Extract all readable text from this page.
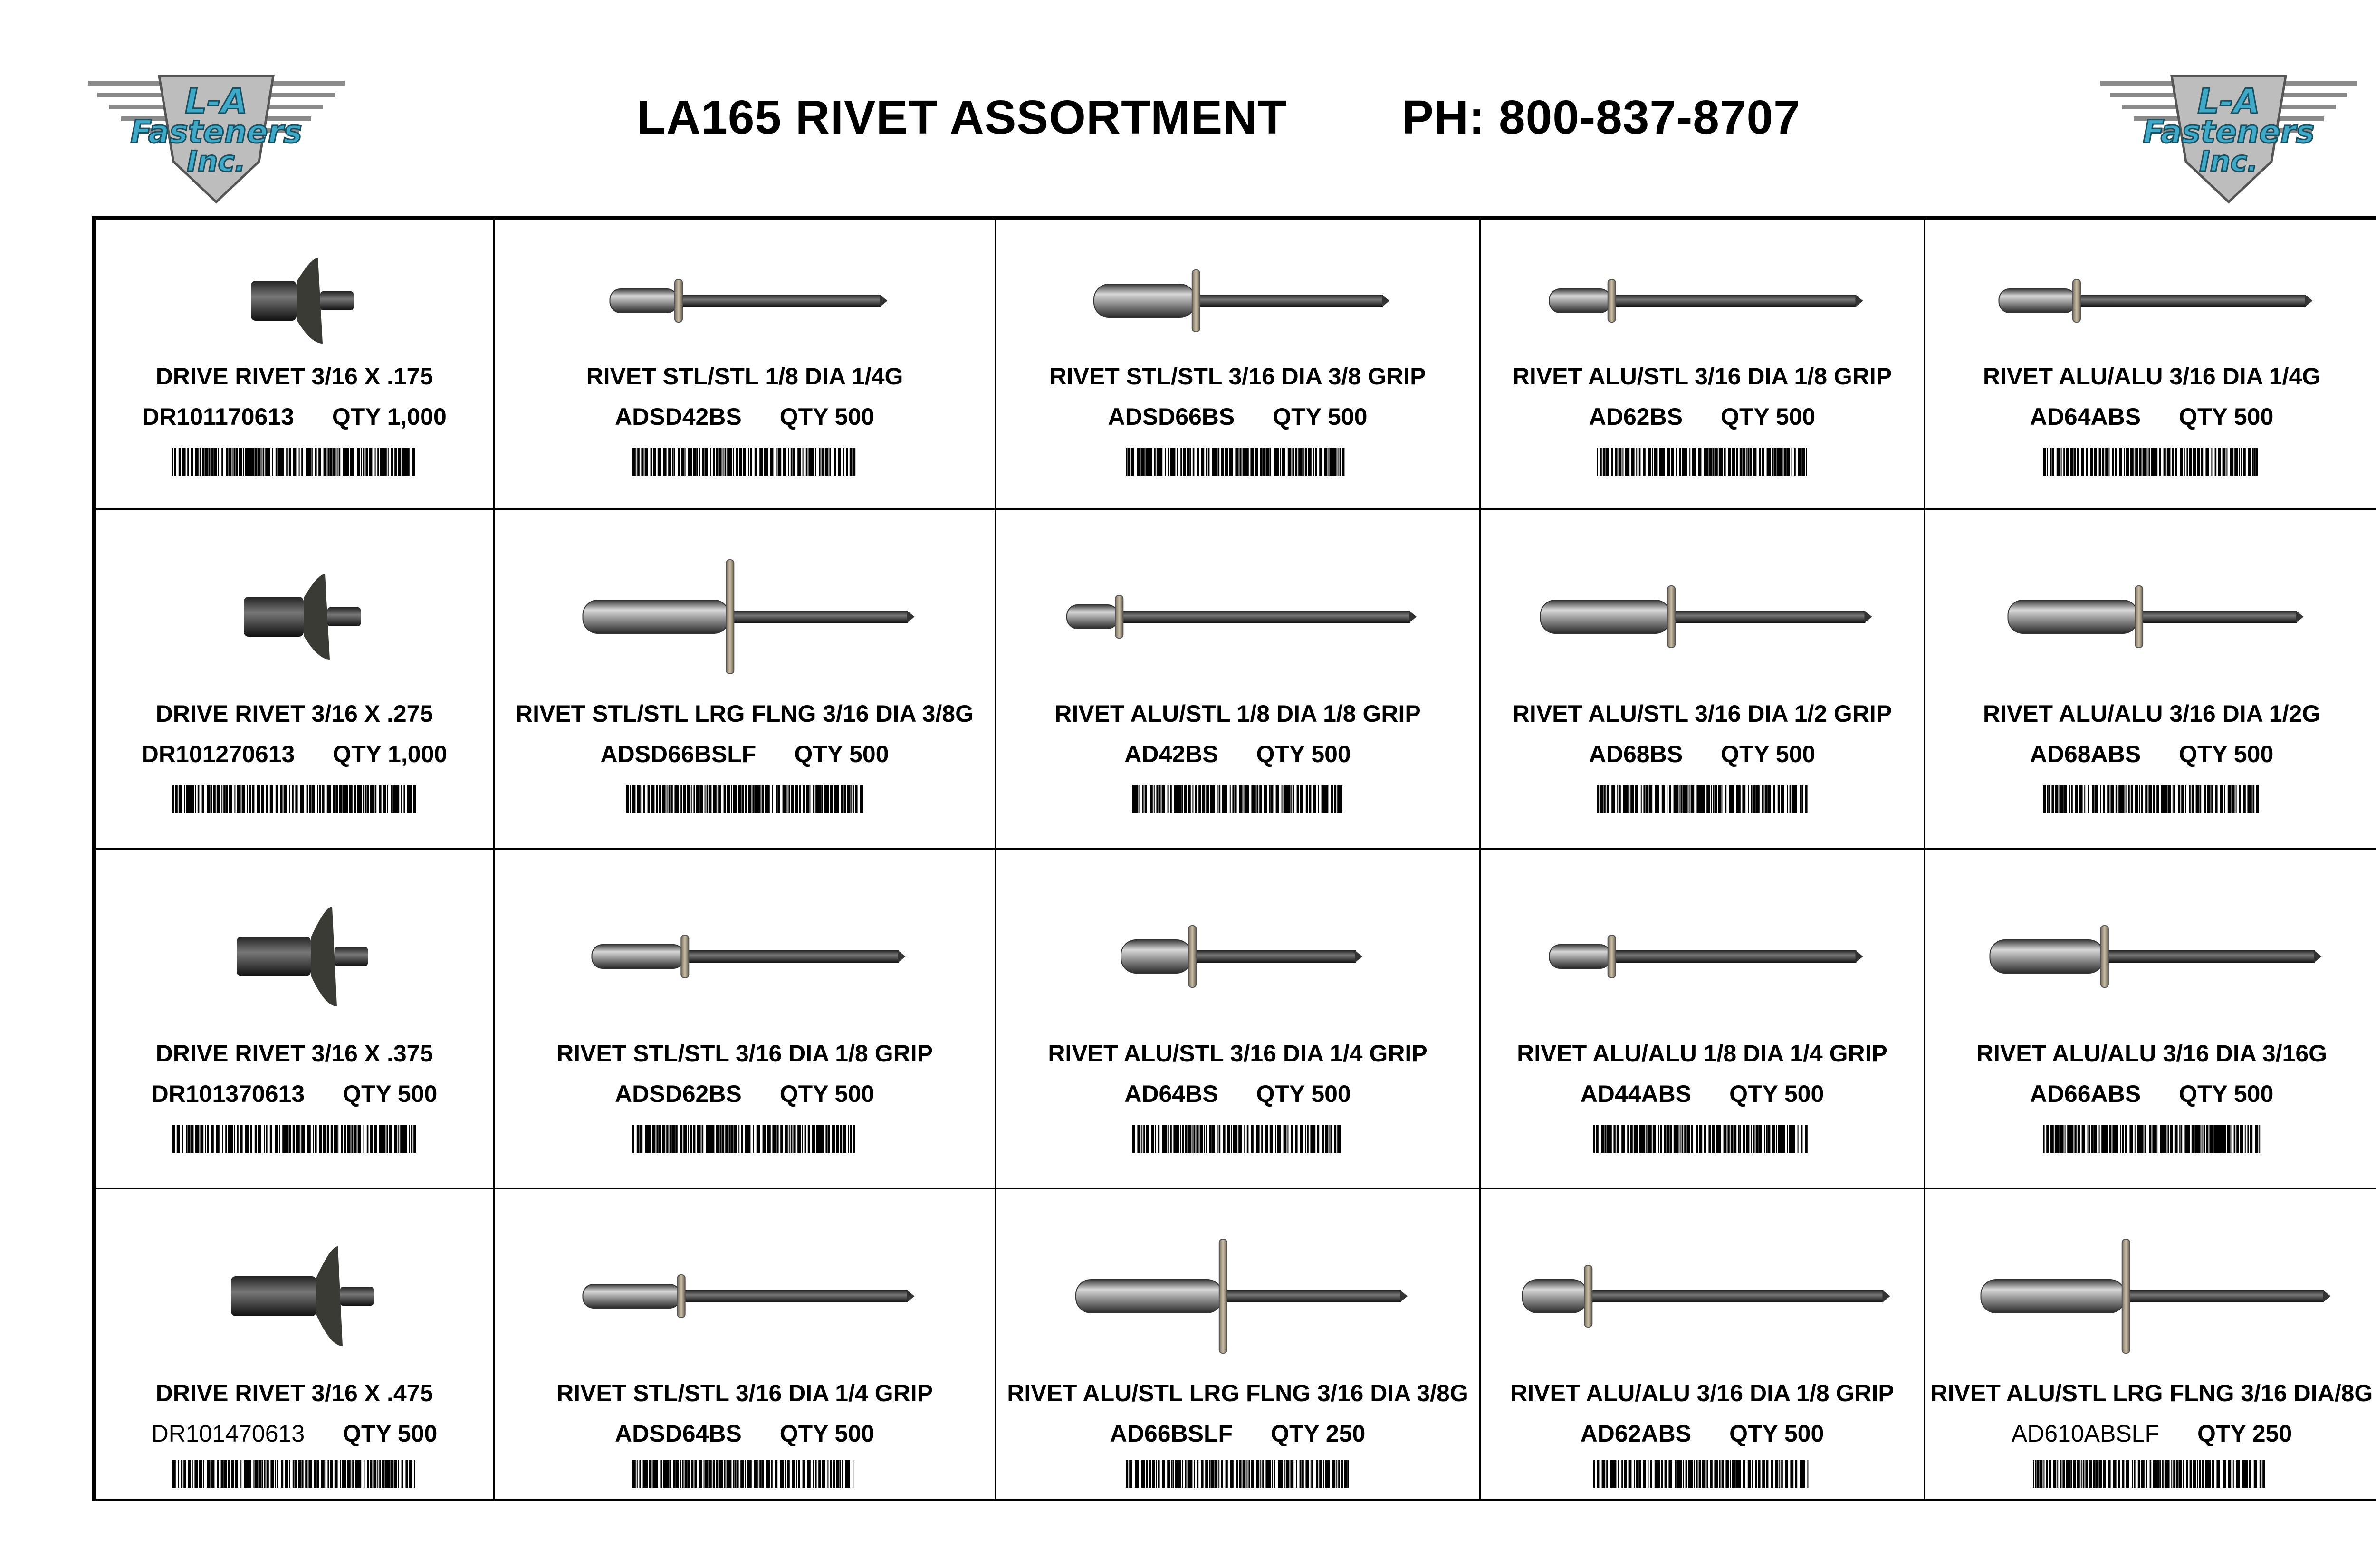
L-A
Fasteners
Inc.
LA165 RIVET ASSORTMENT PH: 800-837-8707	L-A
Fasteners
Inc.
DRIVE RIVET 3/16 X .175
DR101170613 QTY 1,000
RIVET STL/STL 1/8 DIA 1/4G
ADSD42BS QTY 500
RIVET STL/STL 3/16 DIA 3/8 GRIP
ADSD66BS QTY 500
RIVET ALU/STL 3/16 DIA 1/8 GRIP
AD62BS QTY 500
RIVET ALU/ALU 3/16 DIA 1/4G
AD64ABS QTY 500
DRIVE RIVET 3/16 X .275
DR101270613 QTY 1,000
RIVET STL/STL LRG FLNG 3/16 DIA 3/8G
ADSD66BSLF QTY 500
RIVET ALU/STL 1/8 DIA 1/8 GRIP
AD42BS QTY 500
RIVET ALU/STL 3/16 DIA 1/2 GRIP
AD68BS QTY 500
RIVET ALU/ALU 3/16 DIA 1/2G
AD68ABS QTY 500
DRIVE RIVET 3/16 X .375
DR101370613 QTY 500
RIVET STL/STL 3/16 DIA 1/8 GRIP
ADSD62BS QTY 500
RIVET ALU/STL 3/16 DIA 1/4 GRIP
AD64BS QTY 500
RIVET ALU/ALU 1/8 DIA 1/4 GRIP
AD44ABS QTY 500
RIVET ALU/ALU 3/16 DIA 3/16G
AD66ABS QTY 500
DRIVE RIVET 3/16 X .475
DR101470613 QTY 500
RIVET STL/STL 3/16 DIA 1/4 GRIP
ADSD64BS QTY 500
RIVET ALU/STL LRG FLNG 3/16 DIA 3/8G
AD66BSLF QTY 250
RIVET ALU/ALU 3/16 DIA 1/8 GRIP
AD62ABS QTY 500
RIVET ALU/STL LRG FLNG 3/16 DIA/8G
AD610ABSLF QTY 250
